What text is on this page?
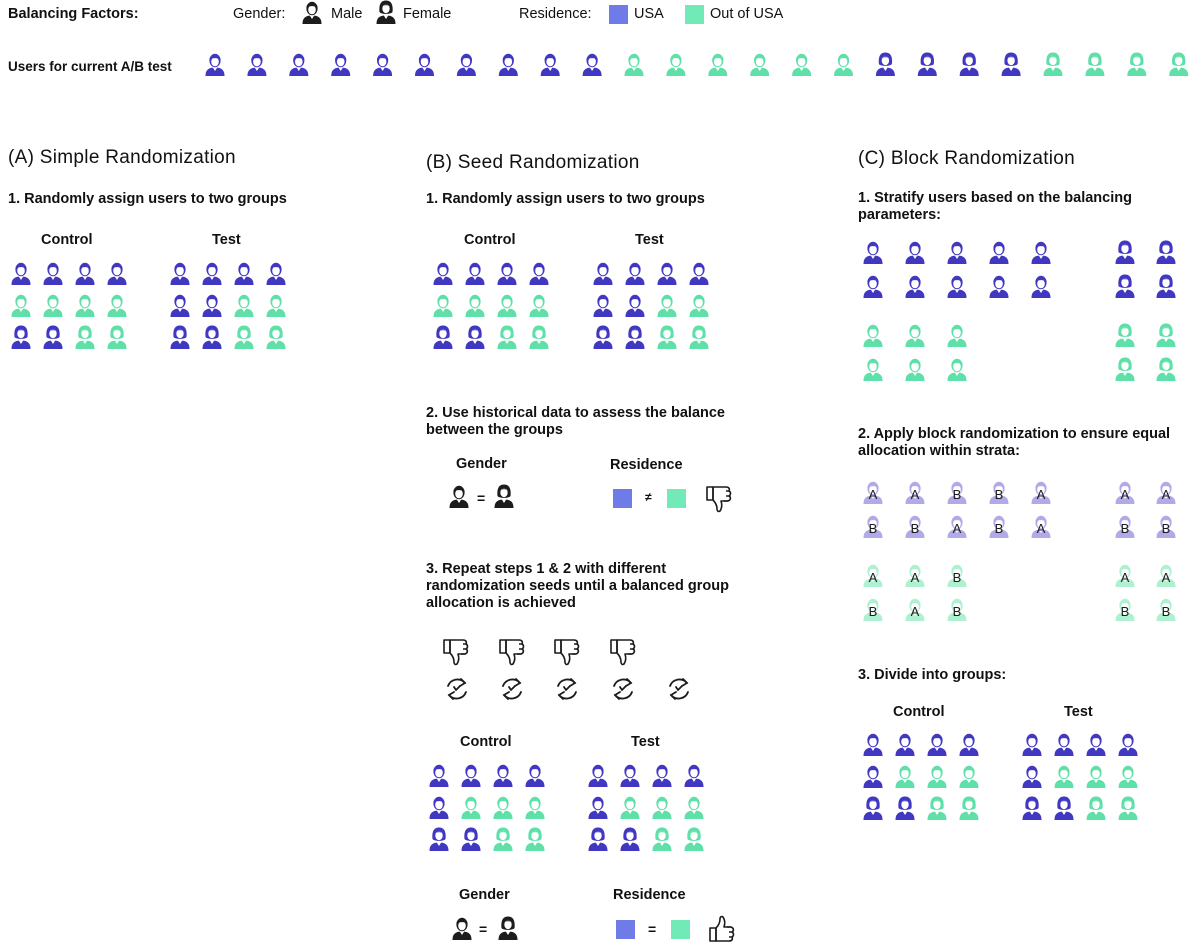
Balancing Factors:	Gender:	Male	Female	Residence:	USA	Out of USA
Users for current A/B test
(A) Simple Randomization
1. Randomly assign users to two groups
Control	Test
(B) Seed Randomization
1. Randomly assign users to two groups
Control	Test
2. Use historical data to assess the balance between the groups
Gender	Residence
=	≠
3. Repeat steps 1 & 2 with different randomization seeds until a balanced group allocation is achieved
Control	Test
Gender	Residence
=	=
(C) Block Randomization
1. Stratify users based on the balancing parameters:
2. Apply block randomization to ensure equal allocation within strata:
3. Divide into groups:
Control	Test
A	A	B	B	A
B	B	A	B	A
A A
B B
A	A	B
B	A	B
A A
B B
